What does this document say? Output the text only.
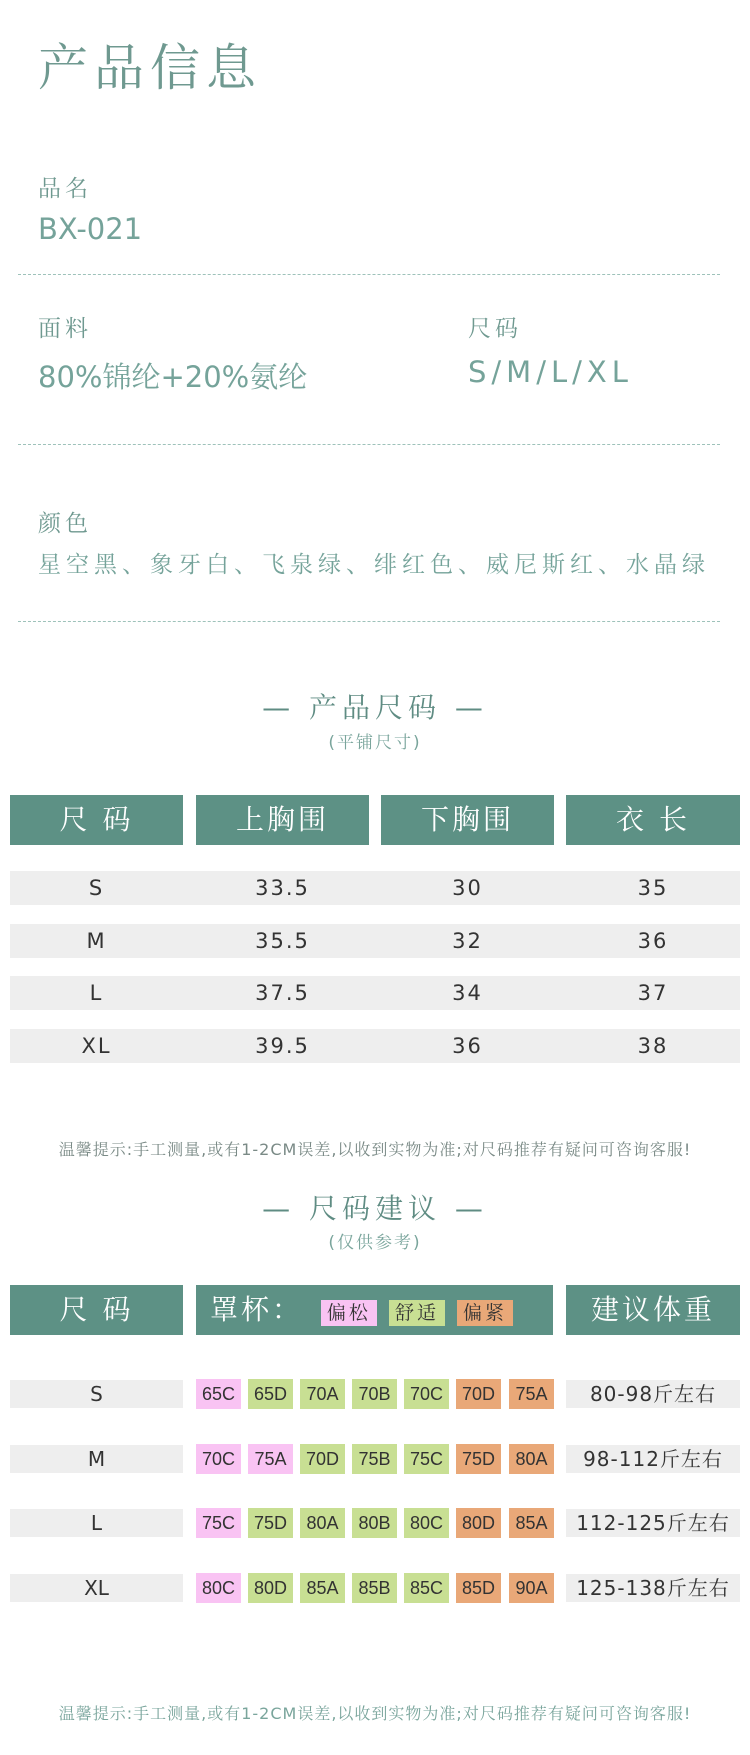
产品信息
品名
BX-021
面料
80%锦纶+20%氨纶
尺码
S/M/L/XL
颜色
星空黑、象牙白、飞泉绿、绯红色、威尼斯红、水晶绿
— 产品尺码 —
(平铺尺寸)
尺 码	上胸围	下胸围	衣 长
S	33.5	30	35
M	35.5	32	36
L	37.5	34	37
XL	39.5	36	38
温馨提示:手工测量,或有1-2CM误差,以收到实物为准;对尺码推荐有疑问可咨询客服!
— 尺码建议 —
(仅供参考)
尺 码	罩杯： 偏松 舒适 偏紧	建议体重
S	65C	65D	70A	70B	70C	70D	75A	80-98斤左右
M	70C	75A	70D	75B	75C	75D	80A	98-112斤左右
L	75C	75D	80A	80B	80C	80D	85A	112-125斤左右
XL	80C	80D	85A	85B	85C	85D	90A	125-138斤左右
温馨提示:手工测量,或有1-2CM误差,以收到实物为准;对尺码推荐有疑问可咨询客服!
